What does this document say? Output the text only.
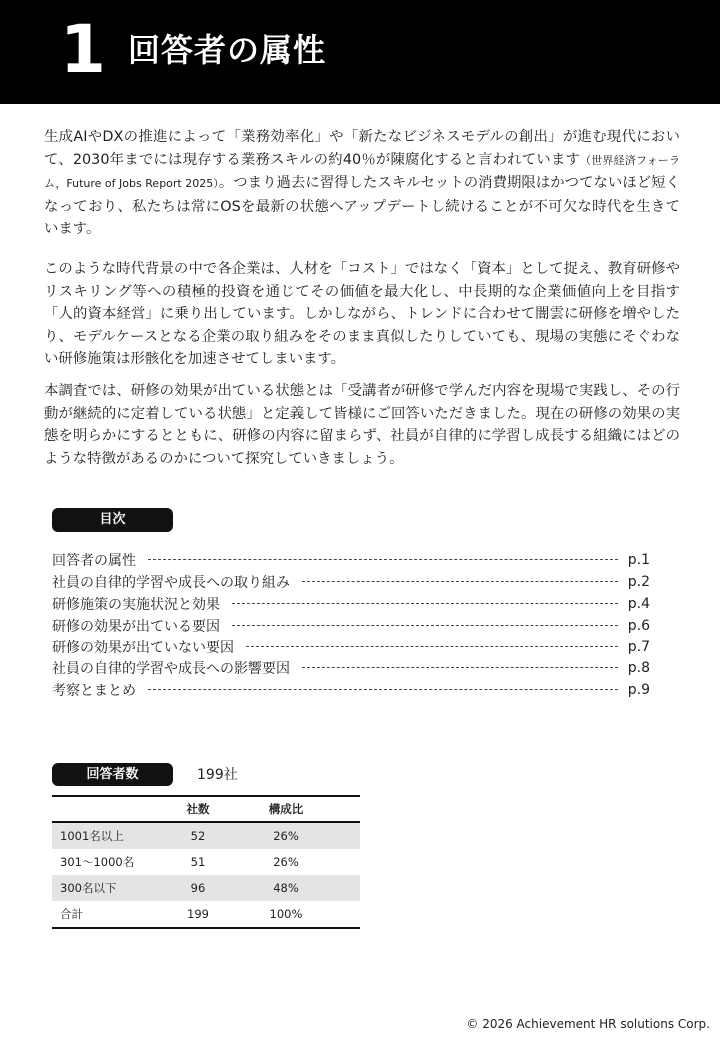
1 回答者の属性

生成AIやDXの推進によって「業務効率化」や「新たなビジネスモデルの創出」が進む現代において、2030年までには現存する業務スキルの約40％が陳腐化すると言われています（世界経済フォーラム，Future of Jobs Report 2025）。つまり過去に習得したスキルセットの消費期限はかつてないほど短くなっており、私たちは常にOSを最新の状態へアップデートし続けることが不可欠な時代を生きています。

このような時代背景の中で各企業は、人材を「コスト」ではなく「資本」として捉え、教育研修やリスキリング等への積極的投資を通じてその価値を最大化し、中長期的な企業価値向上を目指す「人的資本経営」に乗り出しています。しかしながら、トレンドに合わせて闇雲に研修を増やしたり、モデルケースとなる企業の取り組みをそのまま真似したりしていても、現場の実態にそぐわない研修施策は形骸化を加速させてしまいます。

本調査では、研修の効果が出ている状態とは「受講者が研修で学んだ内容を現場で実践し、その行動が継続的に定着している状態」と定義して皆様にご回答いただきました。現在の研修の効果の実態を明らかにするとともに、研修の内容に留まらず、社員が自律的に学習し成長する組織にはどのような特徴があるのかについて探究していきましょう。

目次
回答者の属性	p.1
社員の自律的学習や成長への取り組み	p.2
研修施策の実施状況と効果	p.4
研修の効果が出ている要因	p.6
研修の効果が出ていない要因	p.7
社員の自律的学習や成長への影響要因	p.8
考察とまとめ	p.9
回答者数	199社
	社数	構成比	
1001名以上	52	26%	
301～1000名	51	26%	
300名以下	96	48%	
合計	199	100%	
© 2026 Achievement HR solutions Corp.
